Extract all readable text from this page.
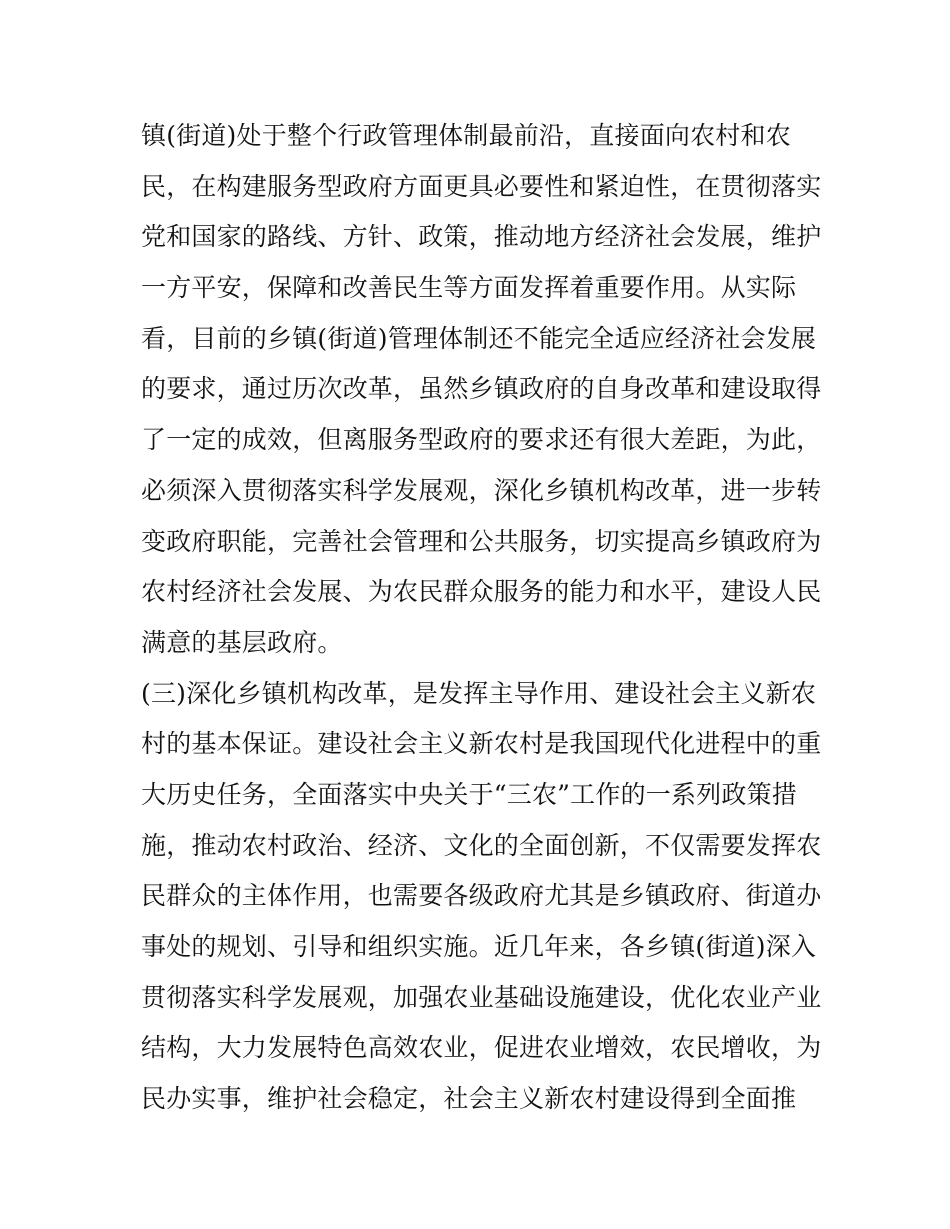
镇(街道)处于整个行政管理体制最前沿，直接面向农村和农
民，在构建服务型政府方面更具必要性和紧迫性，在贯彻落实
党和国家的路线、方针、政策，推动地方经济社会发展，维护
一方平安，保障和改善民生等方面发挥着重要作用。从实际
看，目前的乡镇(街道)管理体制还不能完全适应经济社会发展
的要求，通过历次改革，虽然乡镇政府的自身改革和建设取得
了一定的成效，但离服务型政府的要求还有很大差距，为此，
必须深入贯彻落实科学发展观，深化乡镇机构改革，进一步转
变政府职能，完善社会管理和公共服务，切实提高乡镇政府为
农村经济社会发展、为农民群众服务的能力和水平，建设人民
满意的基层政府。
(三)深化乡镇机构改革，是发挥主导作用、建设社会主义新农
村的基本保证。建设社会主义新农村是我国现代化进程中的重
大历史任务，全面落实中央关于“三农”工作的一系列政策措
施，推动农村政治、经济、文化的全面创新，不仅需要发挥农
民群众的主体作用，也需要各级政府尤其是乡镇政府、街道办
事处的规划、引导和组织实施。近几年来，各乡镇(街道)深入
贯彻落实科学发展观，加强农业基础设施建设，优化农业产业
结构，大力发展特色高效农业，促进农业增效，农民增收，为
民办实事，维护社会稳定，社会主义新农村建设得到全面推
